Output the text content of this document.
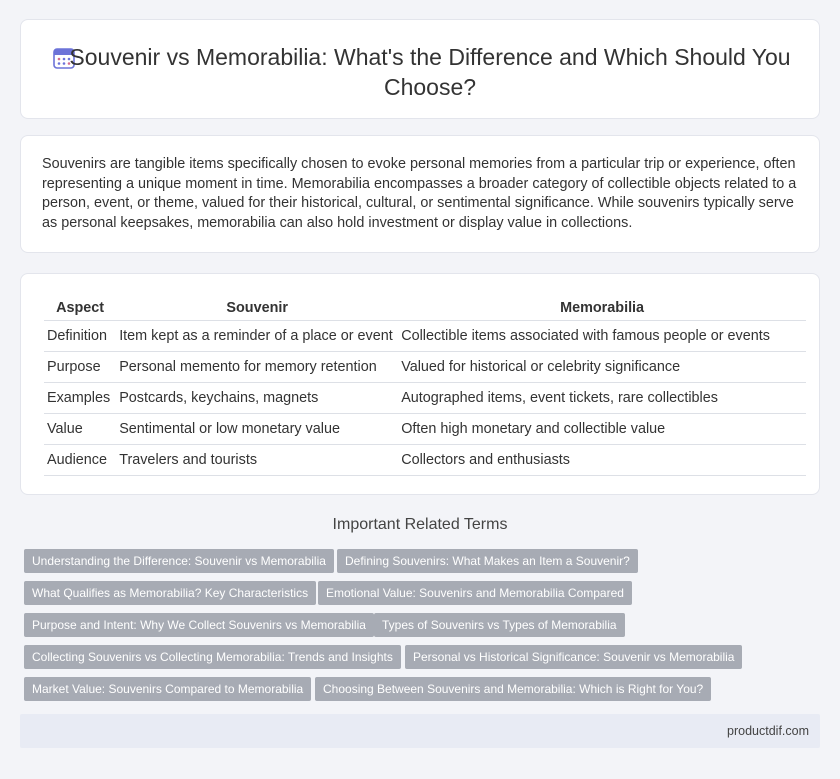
Souvenir vs Memorabilia: What's the Difference and Which Should You Choose?

Souvenirs are tangible items specifically chosen to evoke personal memories from a particular trip or experience, often representing a unique moment in time. Memorabilia encompasses a broader category of collectible objects related to a person, event, or theme, valued for their historical, cultural, or sentimental significance. While souvenirs typically serve as personal keepsakes, memorabilia can also hold investment or display value in collections.

Aspect	Souvenir	Memorabilia
Definition	Item kept as a reminder of a place or event	Collectible items associated with famous people or events
Purpose	Personal memento for memory retention	Valued for historical or celebrity significance
Examples	Postcards, keychains, magnets	Autographed items, event tickets, rare collectibles
Value	Sentimental or low monetary value	Often high monetary and collectible value
Audience	Travelers and tourists	Collectors and enthusiasts
Important Related Terms
Understanding the Difference: Souvenir vs Memorabilia	Defining Souvenirs: What Makes an Item a Souvenir?
What Qualifies as Memorabilia? Key Characteristics	Emotional Value: Souvenirs and Memorabilia Compared
Purpose and Intent: Why We Collect Souvenirs vs Memorabilia	Types of Souvenirs vs Types of Memorabilia
Collecting Souvenirs vs Collecting Memorabilia: Trends and Insights	Personal vs Historical Significance: Souvenir vs Memorabilia
Market Value: Souvenirs Compared to Memorabilia	Choosing Between Souvenirs and Memorabilia: Which is Right for You?
productdif.com
